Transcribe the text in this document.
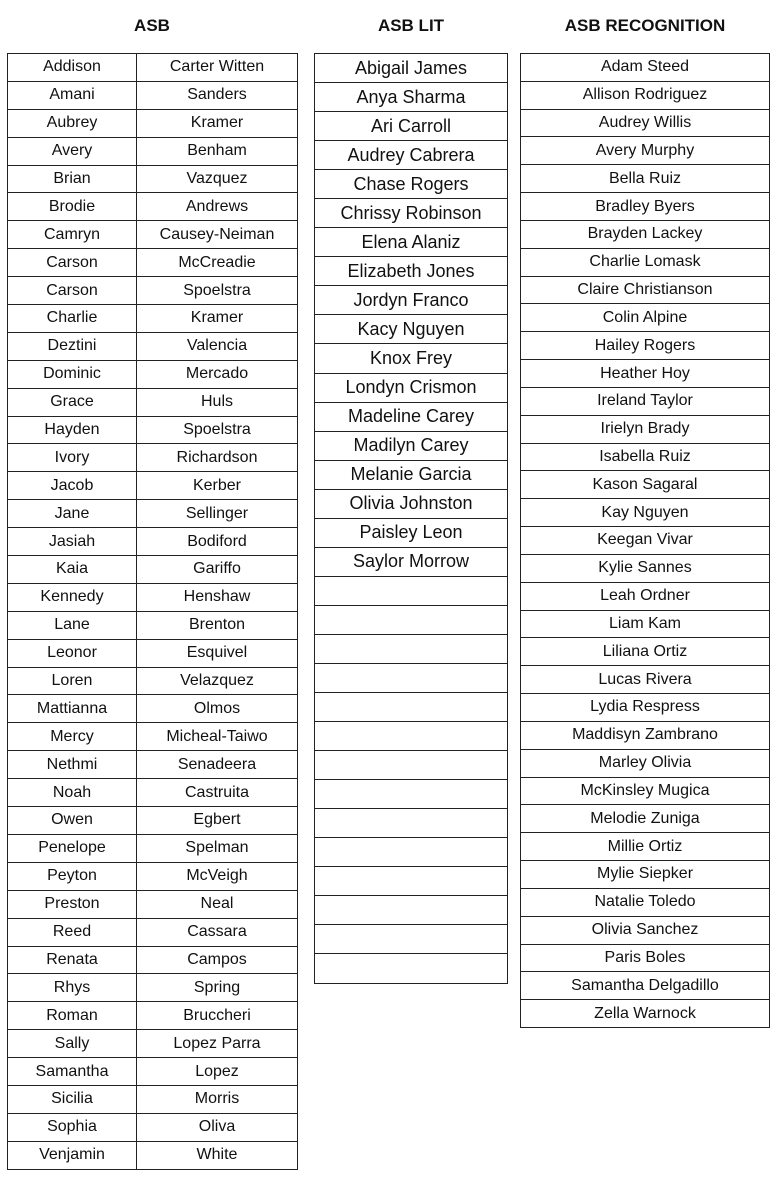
ASB	ASB LIT	ASB RECOGNITION
Addison	Carter Witten
Amani	Sanders
Aubrey	Kramer
Avery	Benham
Brian	Vazquez
Brodie	Andrews
Camryn	Causey-Neiman
Carson	McCreadie
Carson	Spoelstra
Charlie	Kramer
Deztini	Valencia
Dominic	Mercado
Grace	Huls
Hayden	Spoelstra
Ivory	Richardson
Jacob	Kerber
Jane	Sellinger
Jasiah	Bodiford
Kaia	Gariffo
Kennedy	Henshaw
Lane	Brenton
Leonor	Esquivel
Loren	Velazquez
Mattianna	Olmos
Mercy	Micheal-Taiwo
Nethmi	Senadeera
Noah	Castruita
Owen	Egbert
Penelope	Spelman
Peyton	McVeigh
Preston	Neal
Reed	Cassara
Renata	Campos
Rhys	Spring
Roman	Bruccheri
Sally	Lopez Parra
Samantha	Lopez
Sicilia	Morris
Sophia	Oliva
Venjamin	White
Abigail James
Anya Sharma
Ari Carroll
Audrey Cabrera
Chase Rogers
Chrissy Robinson
Elena Alaniz
Elizabeth Jones
Jordyn Franco
Kacy Nguyen
Knox Frey
Londyn Crismon
Madeline Carey
Madilyn Carey
Melanie Garcia
Olivia Johnston
Paisley Leon
Saylor Morrow

Adam Steed
Allison Rodriguez
Audrey Willis
Avery Murphy
Bella Ruiz
Bradley Byers
Brayden Lackey
Charlie Lomask
Claire Christianson
Colin Alpine
Hailey Rogers
Heather Hoy
Ireland Taylor
Irielyn Brady
Isabella Ruiz
Kason Sagaral
Kay Nguyen
Keegan Vivar
Kylie Sannes
Leah Ordner
Liam Kam
Liliana Ortiz
Lucas Rivera
Lydia Respress
Maddisyn Zambrano
Marley Olivia
McKinsley Mugica
Melodie Zuniga
Millie Ortiz
Mylie Siepker
Natalie Toledo
Olivia Sanchez
Paris Boles
Samantha Delgadillo
Zella Warnock
